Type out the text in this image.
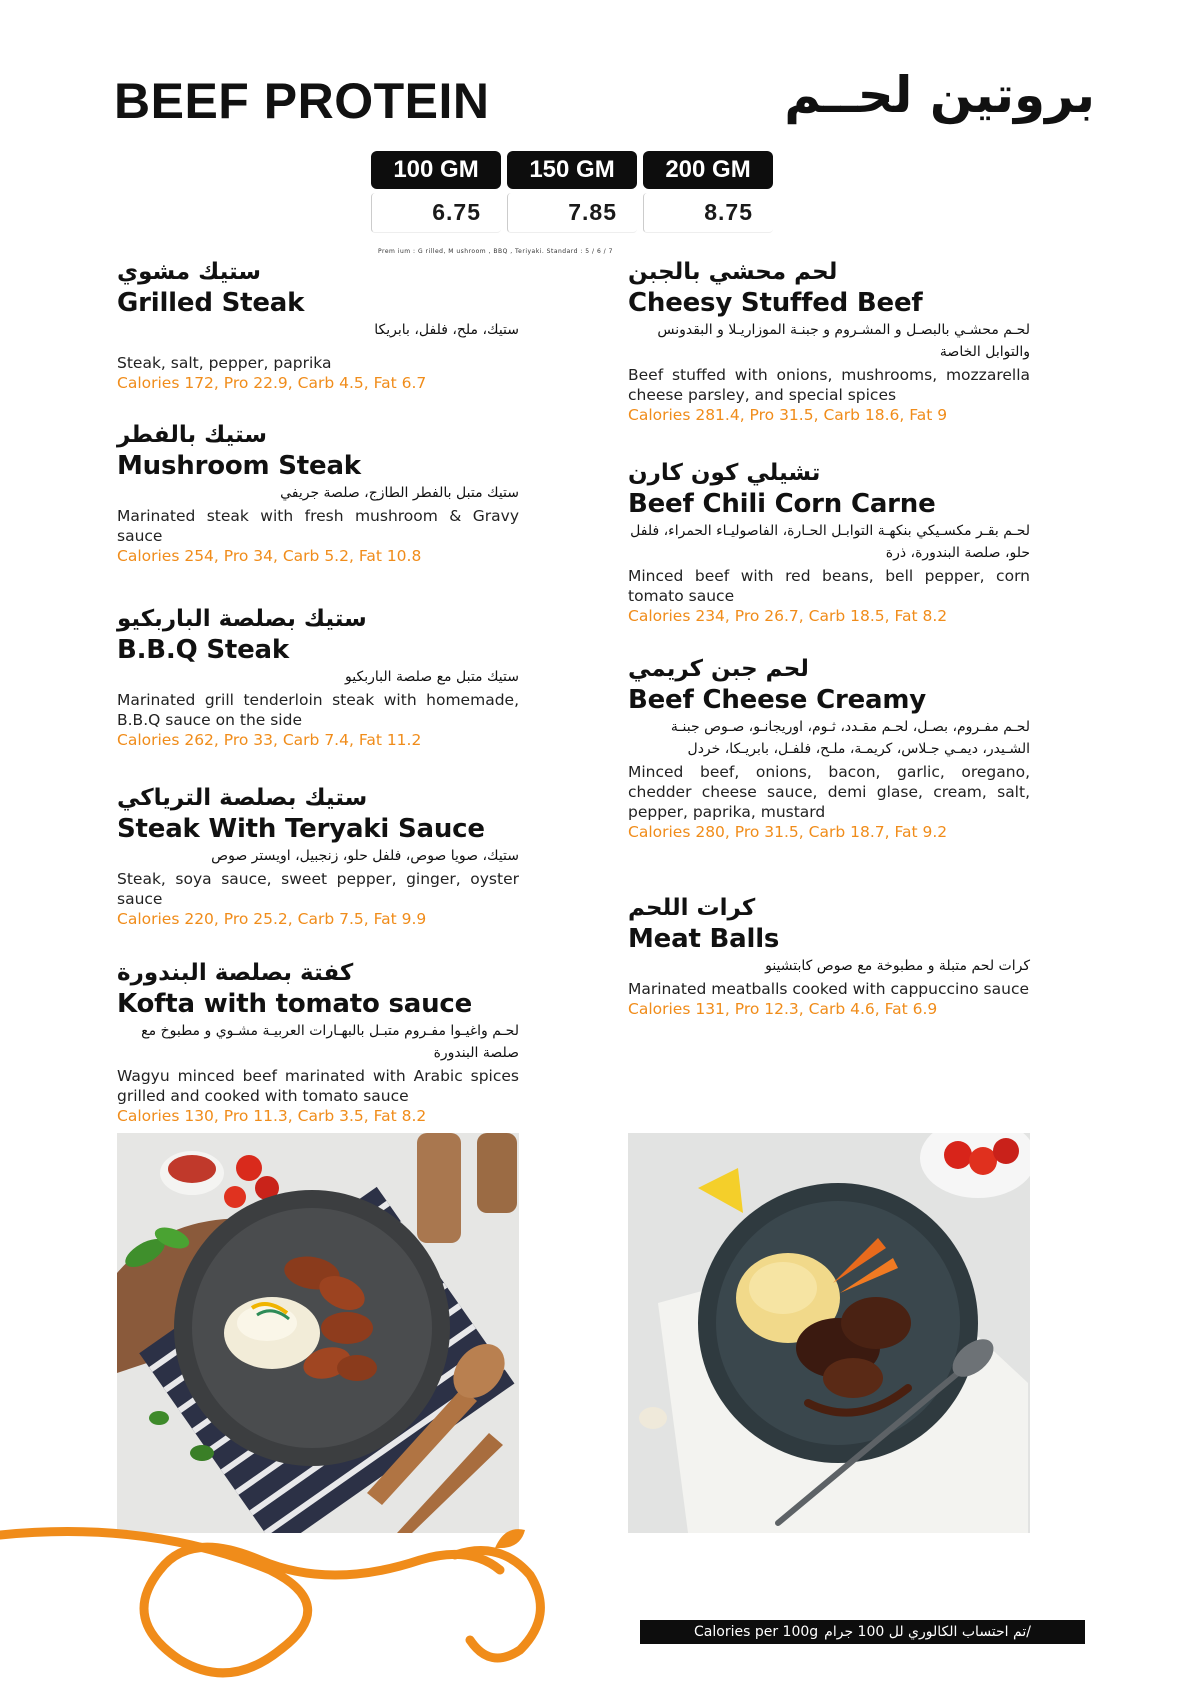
BEEF PROTEIN	بروتين لحــم
100 GM	150 GM	200 GM
6.75	7.85	8.75
Prem ium : G rilled, M ushroom , BBQ , Teriyaki. Standard : 5 / 6 / 7
ستيك مشوي
Grilled Steak
ستيك، ملح، فلفل، بابريكا
Steak, salt, pepper, paprika
Calories 172, Pro 22.9, Carb 4.5, Fat 6.7
ستيك بالفطر
Mushroom Steak
ستيك متبل بالفطر الطازج، صلصة جريفي
Marinated steak with fresh mushroom & Gravy sauce
Calories 254, Pro 34, Carb 5.2, Fat 10.8
ستيك بصلصة الباربكيو
B.B.Q Steak
ستيك متبل مع صلصة الباربكيو
Marinated grill tenderloin steak with homemade, B.B.Q sauce on the side
Calories 262, Pro 33, Carb 7.4, Fat 11.2
ستيك بصلصة الترياكي
Steak With Teryaki Sauce
ستيك، صويا صوص، فلفل حلو، زنجبيل، اويستر صوص
Steak, soya sauce, sweet pepper, ginger, oyster sauce
Calories 220, Pro 25.2, Carb 7.5, Fat 9.9
كفتة بصلصة البندورة
Kofta with tomato sauce
لحـم واغيـوا مفـروم متبـل بالبهـارات العربيـة مشـوي و مطبوخ مع صلصة البندورة
Wagyu minced beef marinated with Arabic spices grilled and cooked with tomato sauce
Calories 130, Pro 11.3, Carb 3.5, Fat 8.2
لحم محشي بالجبن
Cheesy Stuffed Beef
لحـم محشـي بالبصـل و المشـروم و جبنـة الموزاريـلا و البقدونس والتوابل الخاصة
Beef stuffed with onions, mushrooms, mozzarella cheese parsley, and special spices
Calories 281.4, Pro 31.5, Carb 18.6, Fat 9
تشيلي كون كارن
Beef Chili Corn Carne
لحـم بقـر مكسـيكي بنكهـة التوابـل الحـارة، الفاصوليـاء الحمراء، فلفل حلو، صلصة البندورة، ذرة
Minced beef with red beans, bell pepper, corn tomato sauce
Calories 234, Pro 26.7, Carb 18.5, Fat 8.2
لحم جبن كريمي
Beef Cheese Creamy
لحـم مفـروم، بصـل، لحـم مقـدد، ثـوم، اوريجانـو، صـوص جبنـة الشـيدر، ديمـي جـلاس، كريمـة، ملـح، فلفـل، بابريـكا، خردل
Minced beef, onions, bacon, garlic, oregano, chedder cheese sauce, demi glase, cream, salt, pepper, paprika, mustard
Calories 280, Pro 31.5, Carb 18.7, Fat 9.2
كرات اللحم
Meat Balls
كرات لحم متبلة و مطبوخة مع صوص كابتشينو
Marinated meatballs cooked with cappuccino sauce
Calories 131, Pro 12.3, Carb 4.6, Fat 6.9
Calories per 100g تم احتساب الكالوري لل 100 جرام/
